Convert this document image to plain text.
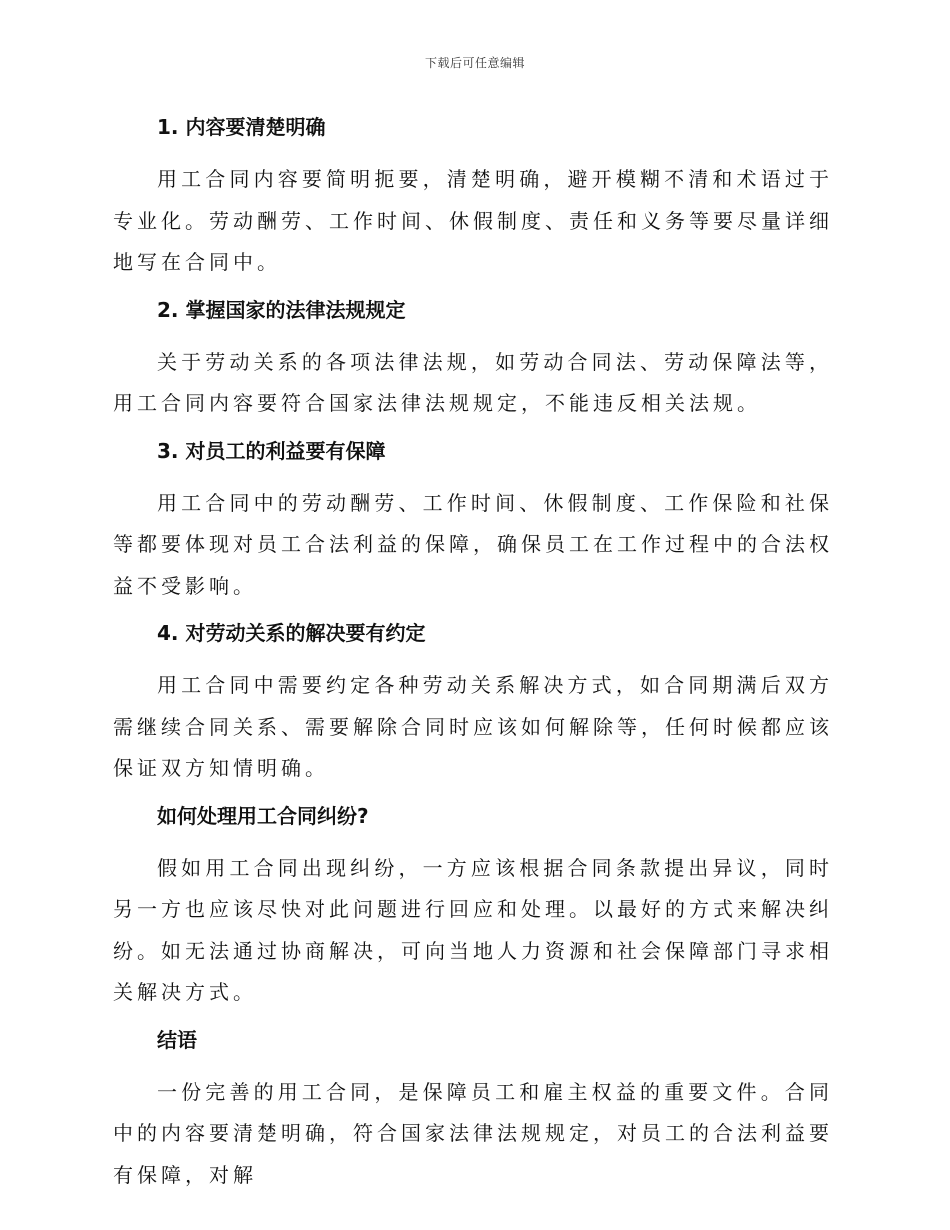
下载后可任意编辑
1. 内容要清楚明确

用工合同内容要简明扼要，清楚明确，避开模糊不清和术语过于专业化。劳动酬劳、工作时间、休假制度、责任和义务等要尽量详细地写在合同中。

2. 掌握国家的法律法规规定

关于劳动关系的各项法律法规，如劳动合同法、劳动保障法等，用工合同内容要符合国家法律法规规定，不能违反相关法规。

3. 对员工的利益要有保障

用工合同中的劳动酬劳、工作时间、休假制度、工作保险和社保等都要体现对员工合法利益的保障，确保员工在工作过程中的合法权益不受影响。

4. 对劳动关系的解决要有约定

用工合同中需要约定各种劳动关系解决方式，如合同期满后双方需继续合同关系、需要解除合同时应该如何解除等，任何时候都应该保证双方知情明确。

如何处理用工合同纠纷?

假如用工合同出现纠纷，一方应该根据合同条款提出异议，同时另一方也应该尽快对此问题进行回应和处理。以最好的方式来解决纠纷。如无法通过协商解决，可向当地人力资源和社会保障部门寻求相关解决方式。

结语

一份完善的用工合同，是保障员工和雇主权益的重要文件。合同中的内容要清楚明确，符合国家法律法规规定，对员工的合法利益要有保障，对解
